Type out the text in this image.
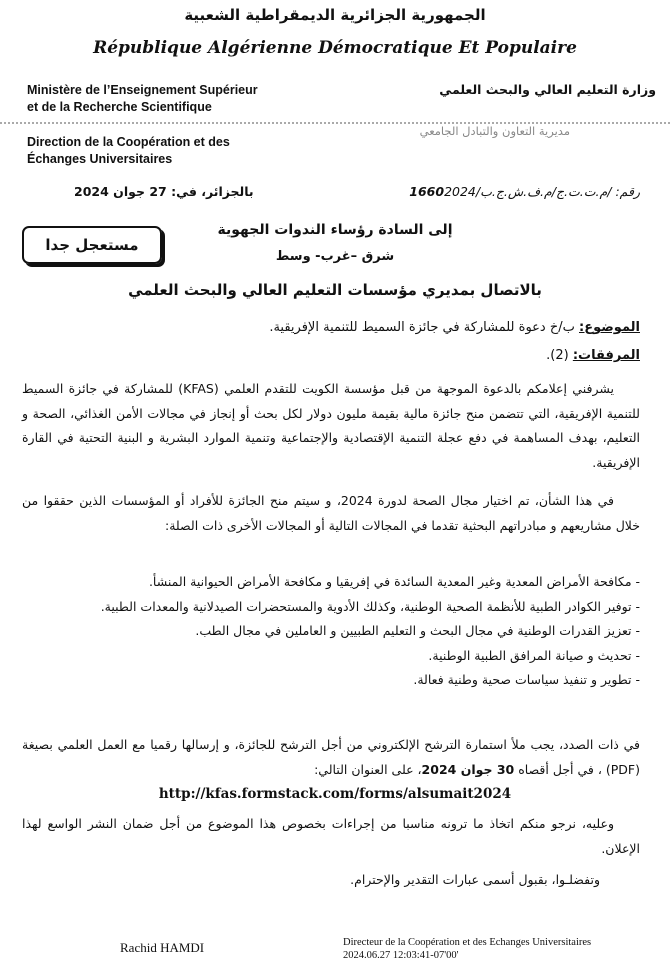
الجمهورية الجزائرية الديمقراطية الشعبية
République Algérienne Démocratique Et Populaire
Ministère de l’Enseignement Supérieur
et de la Recherche Scientifique
وزارة التعليم العالي والبحث العلمي
Direction de la Coopération et des
Échanges Universitaires
مديرية التعاون والتبادل الجامعي
بالجزائر، في: 27 جوان 2024	رقم: 1660/م.ت.ت.ج/م.ف.ش.ج.ب/2024
مستعجل جدا
إلى السادة رؤساء الندوات الجهوية
شرق –غرب- وسط
بالاتصال بمديري مؤسسات التعليم العالي والبحث العلمي
الموضوع: ب/خ دعوة للمشاركة في جائزة السميط للتنمية الإفريقية.
المرفقات: (2).
يشرفني إعلامكم بالدعوة الموجهة من قبل مؤسسة الكويت للتقدم العلمي (KFAS) للمشاركة في جائزة السميط للتنمية الإفريقية، التي تتضمن منح جائزة مالية بقيمة مليون دولار لكل بحث أو إنجاز في مجالات الأمن الغذائي، الصحة و التعليم، بهدف المساهمة في دفع عجلة التنمية الإقتصادية والإجتماعية وتنمية الموارد البشرية و البنية التحتية في القارة الإفريقية.
في هذا الشأن، تم اختيار مجال الصحة لدورة 2024، و سيتم منح الجائزة للأفراد أو المؤسسات الذين حققوا من خلال مشاريعهم و مبادراتهم البحثية تقدما في المجالات التالية أو المجالات الأخرى ذات الصلة:
- مكافحة الأمراض المعدية وغير المعدية السائدة في إفريقيا و مكافحة الأمراض الحيوانية المنشأ.
- توفير الكوادر الطبية للأنظمة الصحية الوطنية، وكذلك الأدوية والمستحضرات الصيدلانية والمعدات الطبية.
- تعزيز القدرات الوطنية في مجال البحث و التعليم الطبيين و العاملين في مجال الطب.
- تحديث و صيانة المرافق الطبية الوطنية.
- تطوير و تنفيذ سياسات صحية وطنية فعالة.
في ذات الصدد، يجب ملأ استمارة الترشح الإلكتروني من أجل الترشح للجائزة، و إرسالها رقميا مع العمل العلمي بصيغة (PDF) ، في أجل أقصاه 30 جوان 2024، على العنوان التالي:
http://kfas.formstack.com/forms/alsumait2024
وعليه، نرجو منكم اتخاذ ما ترونه مناسبا من إجراءات بخصوص هذا الموضوع من أجل ضمان النشر الواسع لهذا الإعلان.
وتفضلـوا، بقبول أسمى عبارات التقدير والإحترام.
Rachid HAMDI	Directeur de la Coopération et des Echanges Universitaires
2024.06.27 12:03:41-07'00'
